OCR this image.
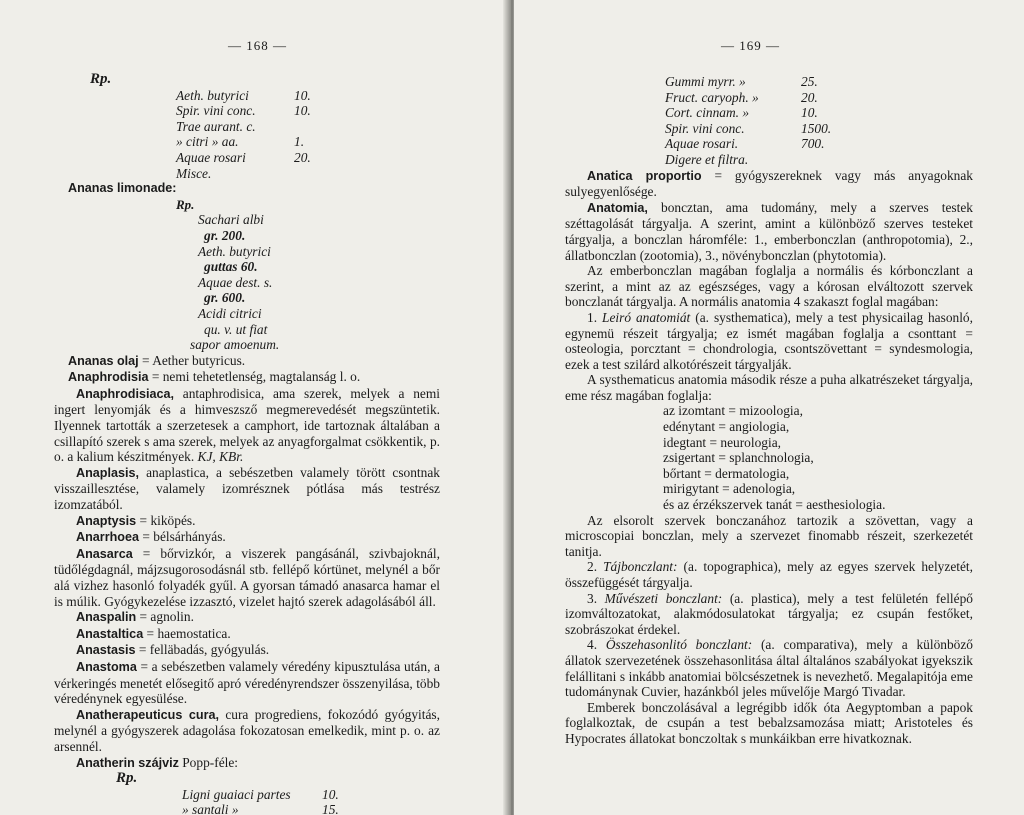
— 168 —
Rp.
Aeth. butyrici	10.
Spir. vini conc.	10.
Trae aurant. c.
» citri » aa.	1.
Aquae rosari	20.
Misce.
Ananas limonade:
Rp.
Sachari albi
gr. 200.
Aeth. butyrici
guttas 60.
Aquae dest. s.
gr. 600.
Acidi citrici
qu. v. ut fiat
sapor amoenum.

Ananas olaj = Aether butyricus.

Anaphrodisia = nemi tehetetlenség, magtalanság l. o.

Anaphrodisiaca, antaphrodisica, ama szerek, melyek a nemi ingert lenyomják és a himveszsző megmerevedését megszüntetik. Ilyennek tartották a szerzetesek a camphort, ide tartoznak általában a csillapító szerek s ama szerek, melyek az anyagforgalmat csökkentik, p. o. a kalium készitmények. KJ, KBr.

Anaplasis, anaplastica, a sebészetben valamely törött csontnak visszaillesztése, valamely izomrésznek pótlása más testrész izomzatából.

Anaptysis = kiköpés.

Anarrhoea = bélsárhányás.

Anasarca = bőrvizkór, a viszerek pangásánál, szivbajoknál, tüdőlégdagnál, májzsugorosodásnál stb. fellépő kórtünet, melynél a bőr alá vizhez hasonló folyadék gyűl. A gyorsan támadó anasarca hamar el is múlik. Gyógykezelése izzasztó, vizelet hajtó szerek adagolásából áll.

Anaspalin = agnolin.

Anastaltica = haemostatica.

Anastasis = felläbadás, gyógyulás.

Anastoma = a sebészetben valamely véredény kipusztulása után, a vérkeringés menetét elősegitő apró véredényrendszer összenyilása, több véredénynek egyesülése.

Anatherapeuticus cura, cura progrediens, fokozódó gyógyitás, melynél a gyógyszerek adagolása fokozatosan emelkedik, mint p. o. az arsennél.

Anatherin szájviz Popp-féle:

Rp.
Ligni guaiaci partes 10.
» santali »	15.
— 169 —
Gummi myrr. »	25.
Fruct. caryoph. »	20.
Cort. cinnam. »	10.
Spir. vini conc.	1500.
Aquae rosari.	700.
Digere et filtra.

Anatica proportio = gyógyszereknek vagy más anyagoknak sulyegyenlősége.

Anatomia, boncztan, ama tudomány, mely a szerves testek széttagolását tárgyalja. A szerint, amint a különböző szerves testeket tárgyalja, a bonczlan háromféle: 1., emberbonczlan (anthropotomia), 2., állatbonczlan (zootomia), 3., növénybonczlan (phytotomia).

Az emberbonczlan magában foglalja a normális és kórbonczlant a szerint, a mint az az egészséges, vagy a kórosan elváltozott szervek bonczlanát tárgyalja. A normális anatomia 4 szakaszt foglal magában:

1. Leiró anatomiát (a. systhematica), mely a test physicailag hasonló, egynemü részeit tárgyalja; ez ismét magában foglalja a csonttant = osteologia, porcztant = chondrologia, csontszövettant = syndesmologia, ezek a test szilárd alkotórészeit tárgyalják.

A systhematicus anatomia második része a puha alkatrészeket tárgyalja, eme rész magában foglalja:

az izomtant = mizoologia,
edénytant = angiologia,
idegtant = neurologia,
zsigertant = splanchnologia,
bőrtant = dermatologia,
mirigytant = adenologia,
és az érzékszervek tanát = aesthesiologia.

Az elsorolt szervek bonczanához tartozik a szövettan, vagy a microscopiai bonczlan, mely a szervezet finomabb részeit, szerkezetét tanitja.

2. Tájbonczlant: (a. topographica), mely az egyes szervek helyzetét, összefüggését tárgyalja.

3. Művészeti bonczlant: (a. plastica), mely a test felületén fellépő izomváltozatokat, alakmódosulatokat tárgyalja; ez csupán festőket, szobrászokat érdekel.

4. Összehasonlitó bonczlant: (a. comparativa), mely a különböző állatok szervezetének összehasonlitása által általános szabályokat igyekszik felállitani s inkább anatomiai bölcsészetnek is nevezhető. Megalapitója eme tudománynak Cuvier, hazánkból jeles művelője Margó Tivadar.

Emberek bonczolásával a legrégibb idők óta Aegyptomban a papok foglalkoztak, de csupán a test bebalzsamozása miatt; Aristoteles és Hypocrates állatokat bonczoltak s munkáikban erre hivatkoznak.
